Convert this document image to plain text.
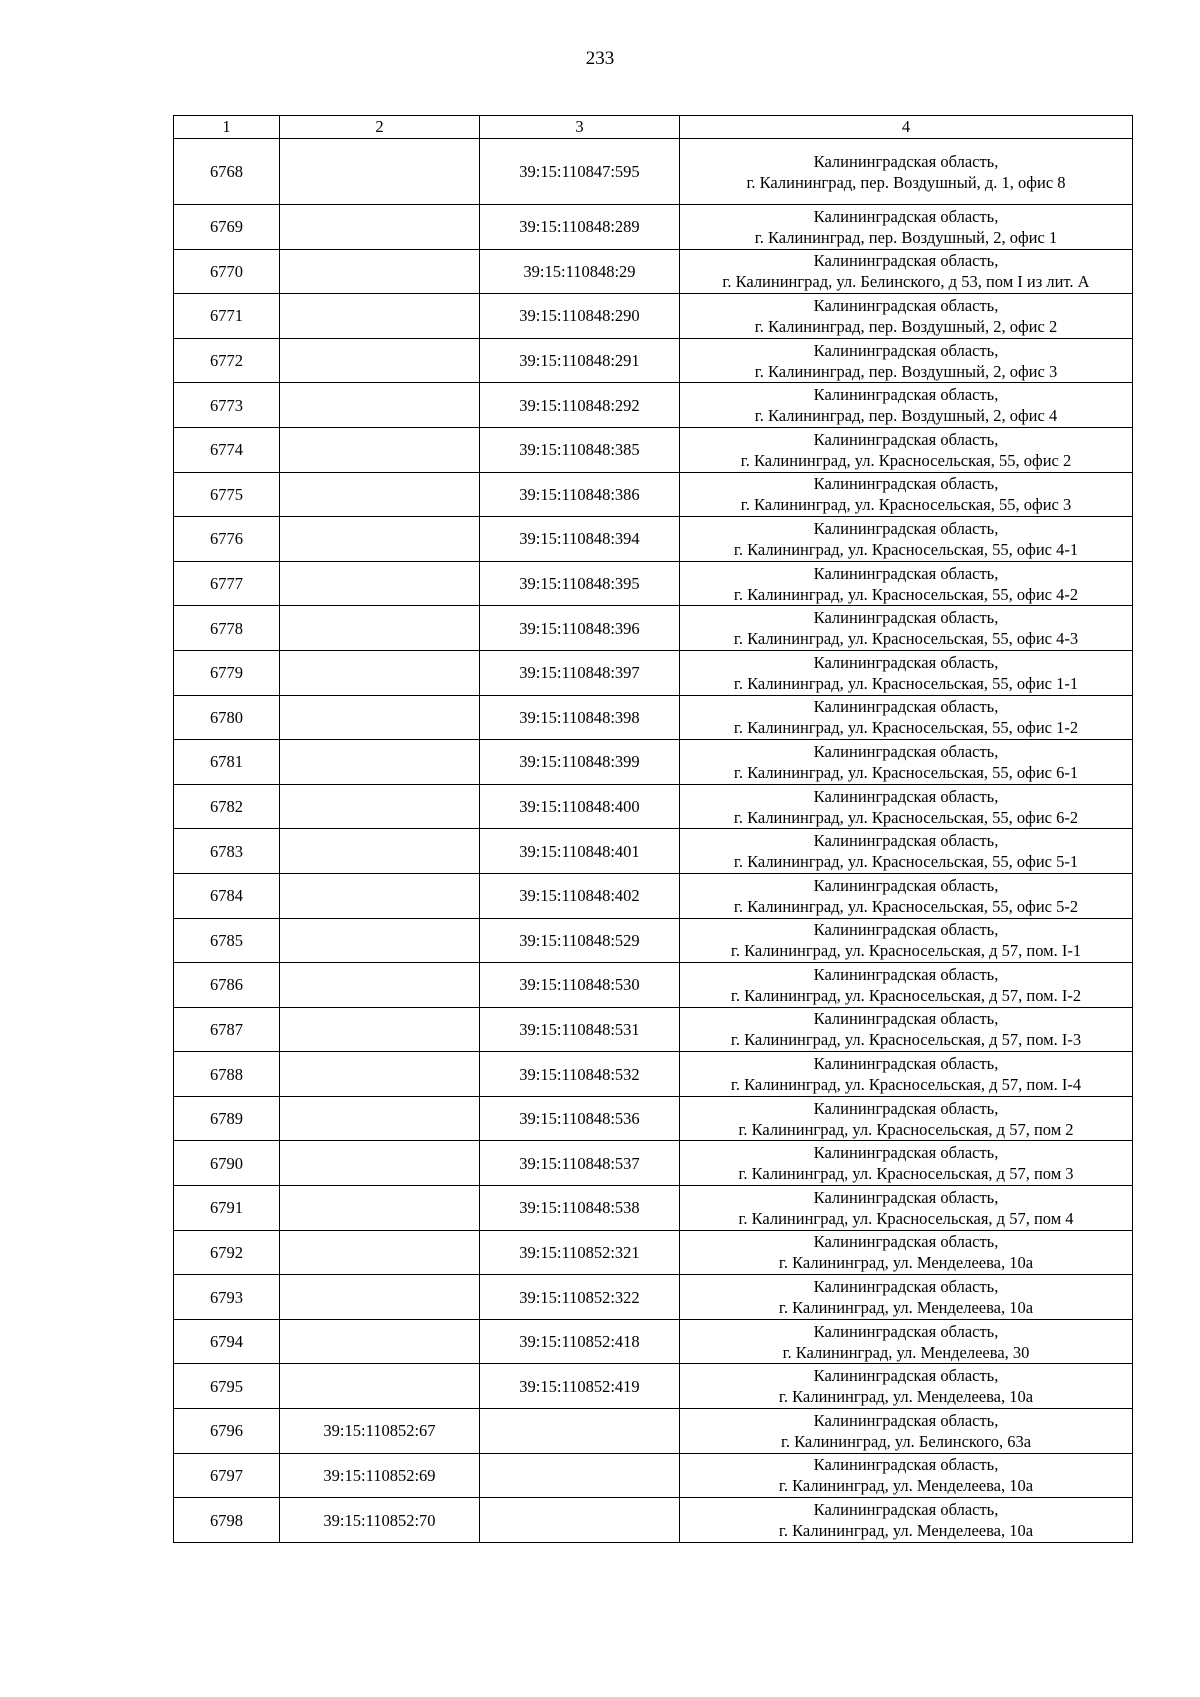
233
1	2	3	4
6768		39:15:110847:595	Калининградская область,
г. Калининград, пер. Воздушный, д. 1, офис 8

6769		39:15:110848:289	Калининградская область,
г. Калининград, пер. Воздушный, 2, офис 1

6770		39:15:110848:29	Калининградская область,
г. Калининград, ул. Белинского, д 53, пом I из лит. А

6771		39:15:110848:290	Калининградская область,
г. Калининград, пер. Воздушный, 2, офис 2

6772		39:15:110848:291	Калининградская область,
г. Калининград, пер. Воздушный, 2, офис 3

6773		39:15:110848:292	Калининградская область,
г. Калининград, пер. Воздушный, 2, офис 4

6774		39:15:110848:385	Калининградская область,
г. Калининград, ул. Красносельская, 55, офис 2

6775		39:15:110848:386	Калининградская область,
г. Калининград, ул. Красносельская, 55, офис 3

6776		39:15:110848:394	Калининградская область,
г. Калининград, ул. Красносельская, 55, офис 4-1

6777		39:15:110848:395	Калининградская область,
г. Калининград, ул. Красносельская, 55, офис 4-2

6778		39:15:110848:396	Калининградская область,
г. Калининград, ул. Красносельская, 55, офис 4-3

6779		39:15:110848:397	Калининградская область,
г. Калининград, ул. Красносельская, 55, офис 1-1

6780		39:15:110848:398	Калининградская область,
г. Калининград, ул. Красносельская, 55, офис 1-2

6781		39:15:110848:399	Калининградская область,
г. Калининград, ул. Красносельская, 55, офис 6-1

6782		39:15:110848:400	Калининградская область,
г. Калининград, ул. Красносельская, 55, офис 6-2

6783		39:15:110848:401	Калининградская область,
г. Калининград, ул. Красносельская, 55, офис 5-1

6784		39:15:110848:402	Калининградская область,
г. Калининград, ул. Красносельская, 55, офис 5-2

6785		39:15:110848:529	Калининградская область,
г. Калининград, ул. Красносельская, д 57, пом. I-1

6786		39:15:110848:530	Калининградская область,
г. Калининград, ул. Красносельская, д 57, пом. I-2

6787		39:15:110848:531	Калининградская область,
г. Калининград, ул. Красносельская, д 57, пом. I-3

6788		39:15:110848:532	Калининградская область,
г. Калининград, ул. Красносельская, д 57, пом. I-4

6789		39:15:110848:536	Калининградская область,
г. Калининград, ул. Красносельская, д 57, пом 2

6790		39:15:110848:537	Калининградская область,
г. Калининград, ул. Красносельская, д 57, пом 3

6791		39:15:110848:538	Калининградская область,
г. Калининград, ул. Красносельская, д 57, пом 4

6792		39:15:110852:321	Калининградская область,
г. Калининград, ул. Менделеева, 10а

6793		39:15:110852:322	Калининградская область,
г. Калининград, ул. Менделеева, 10а

6794		39:15:110852:418	Калининградская область,
г. Калининград, ул. Менделеева, 30

6795		39:15:110852:419	Калининградская область,
г. Калининград, ул. Менделеева, 10а

6796	39:15:110852:67		Калининградская область,
г. Калининград, ул. Белинского, 63а

6797	39:15:110852:69		Калининградская область,
г. Калининград, ул. Менделеева, 10а

6798	39:15:110852:70		Калининградская область,
г. Калининград, ул. Менделеева, 10а
